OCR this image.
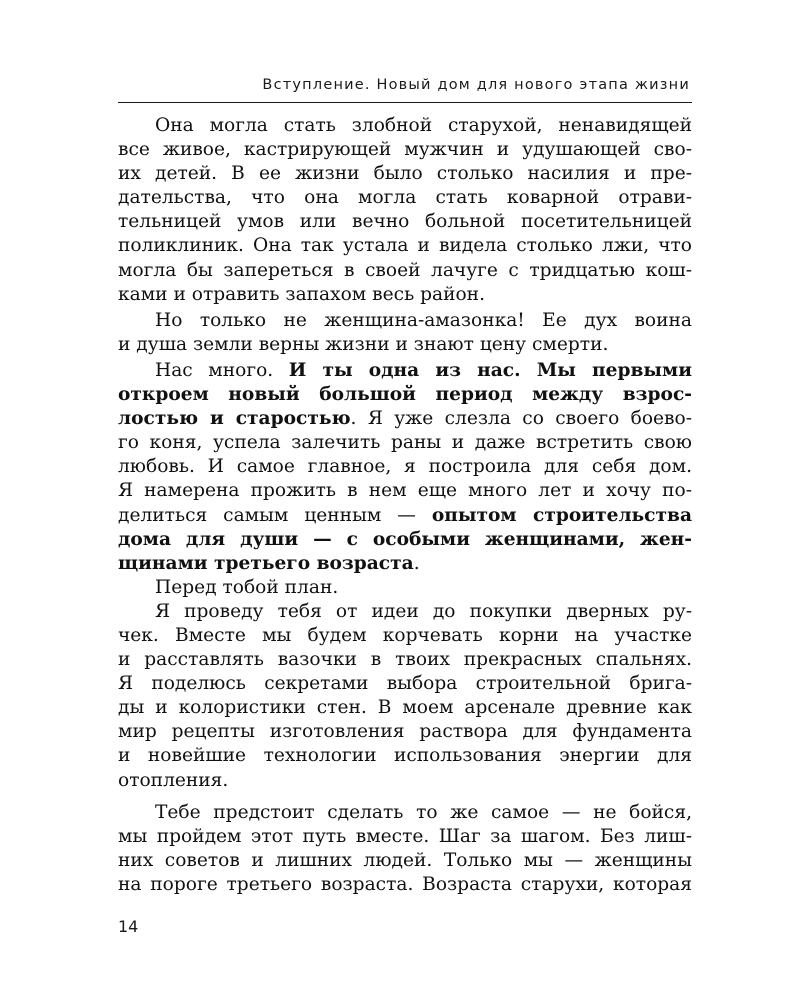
Вступление. Новый дом для нового этапа жизни
Она могла стать злобной старухой, ненавидящей
все живое, кастрирующей мужчин и удушающей сво-
их детей. В ее жизни было столько насилия и пре-
дательства, что она могла стать коварной отрави-
тельницей умов или вечно больной посетительницей
поликлиник. Она так устала и видела столько лжи, что
могла бы запереться в своей лачуге с тридцатью кош-
ками и отравить запахом весь район.
Но только не женщина-амазонка! Ее дух воина
и душа земли верны жизни и знают цену смерти.
Нас много. И ты одна из нас. Мы первыми
откроем новый большой период между взрос-
лостью и старостью. Я уже слезла со своего боево-
го коня, успела залечить раны и даже встретить свою
любовь. И самое главное, я построила для себя дом.
Я намерена прожить в нем еще много лет и хочу по-
делиться самым ценным — опытом строительства
дома для души — с особыми женщинами, жен-
щинами третьего возраста.
Перед тобой план.
Я проведу тебя от идеи до покупки дверных ру-
чек. Вместе мы будем корчевать корни на участке
и расставлять вазочки в твоих прекрасных спальнях.
Я поделюсь секретами выбора строительной брига-
ды и колористики стен. В моем арсенале древние как
мир рецепты изготовления раствора для фундамента
и новейшие технологии использования энергии для
отопления.
Тебе предстоит сделать то же самое — не бойся,
мы пройдем этот путь вместе. Шаг за шагом. Без лиш-
них советов и лишних людей. Только мы — женщины
на пороге третьего возраста. Возраста старухи, которая
14
